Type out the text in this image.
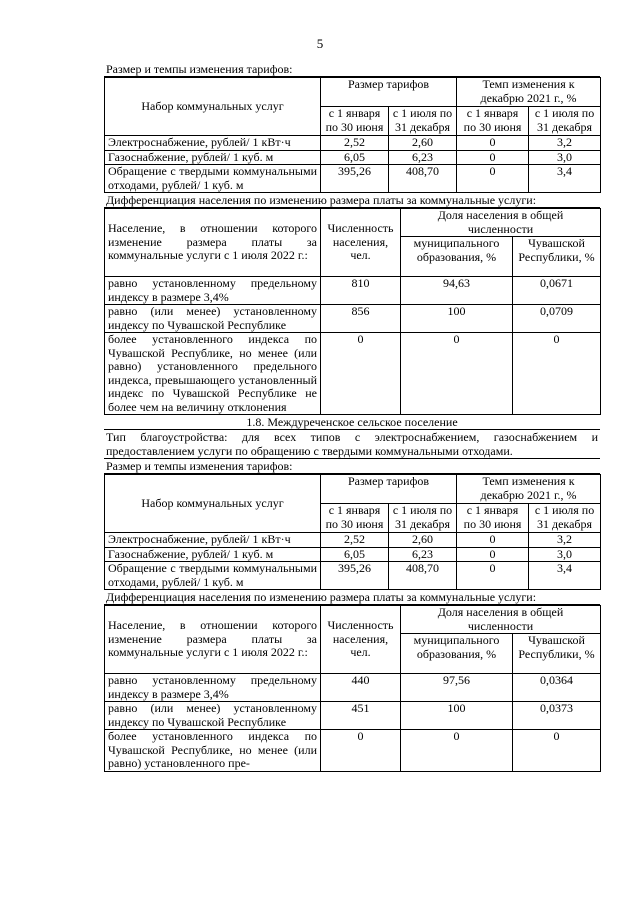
5
Размер и темпы изменения тарифов:
Набор коммунальных услуг	Размер тарифов		Темп изменения к декабрю 2021 г., %	
	с 1 января по 30 июня	с 1 июля по 31 декабря	с 1 января по 30 июня	с 1 июля по 31 декабря
Электроснабжение, рублей/ 1 кВт·ч	2,52	2,60	0	3,2
Газоснабжение, рублей/ 1 куб. м	6,05	6,23	0	3,0
Обращение с твердыми коммунальными отходами, рублей/ 1 куб. м	395,26	408,70	0	3,4
Дифференциация населения по изменению размера платы за коммунальные услуги:
Население, в отношении которого изменение размера платы за коммунальные услуги с 1 июля 2022 г.:	Численность населения, чел.	Доля населения в общей численности	
		муниципального образования, %	Чувашской Республики, %
равно установленному предельному индексу в размере 3,4%	810	94,63	0,0671
равно (или менее) установленному индексу по Чувашской Республике	856	100	0,0709
более установленного индекса по Чувашской Республике, но менее (или равно) установленного предельного индекса, превышающего установленный индекс по Чувашской Республике не более чем на величину отклонения	0	0	0
1.8. Междуреченское сельское поселение
Тип благоустройства: для всех типов с электроснабжением, газоснабжением и предоставлением услуги по обращению с твердыми коммунальными отходами.
Размер и темпы изменения тарифов:
Набор коммунальных услуг	Размер тарифов		Темп изменения к декабрю 2021 г., %	
	с 1 января по 30 июня	с 1 июля по 31 декабря	с 1 января по 30 июня	с 1 июля по 31 декабря
Электроснабжение, рублей/ 1 кВт·ч	2,52	2,60	0	3,2
Газоснабжение, рублей/ 1 куб. м	6,05	6,23	0	3,0
Обращение с твердыми коммунальными отходами, рублей/ 1 куб. м	395,26	408,70	0	3,4
Дифференциация населения по изменению размера платы за коммунальные услуги:
Население, в отношении которого изменение размера платы за коммунальные услуги с 1 июля 2022 г.:	Численность населения, чел.	Доля населения в общей численности	
		муниципального образования, %	Чувашской Республики, %
равно установленному предельному индексу в размере 3,4%	440	97,56	0,0364
равно (или менее) установленному индексу по Чувашской Республике	451	100	0,0373
более установленного индекса по Чувашской Республике, но менее (или равно) установленного пре-	0	0	0
